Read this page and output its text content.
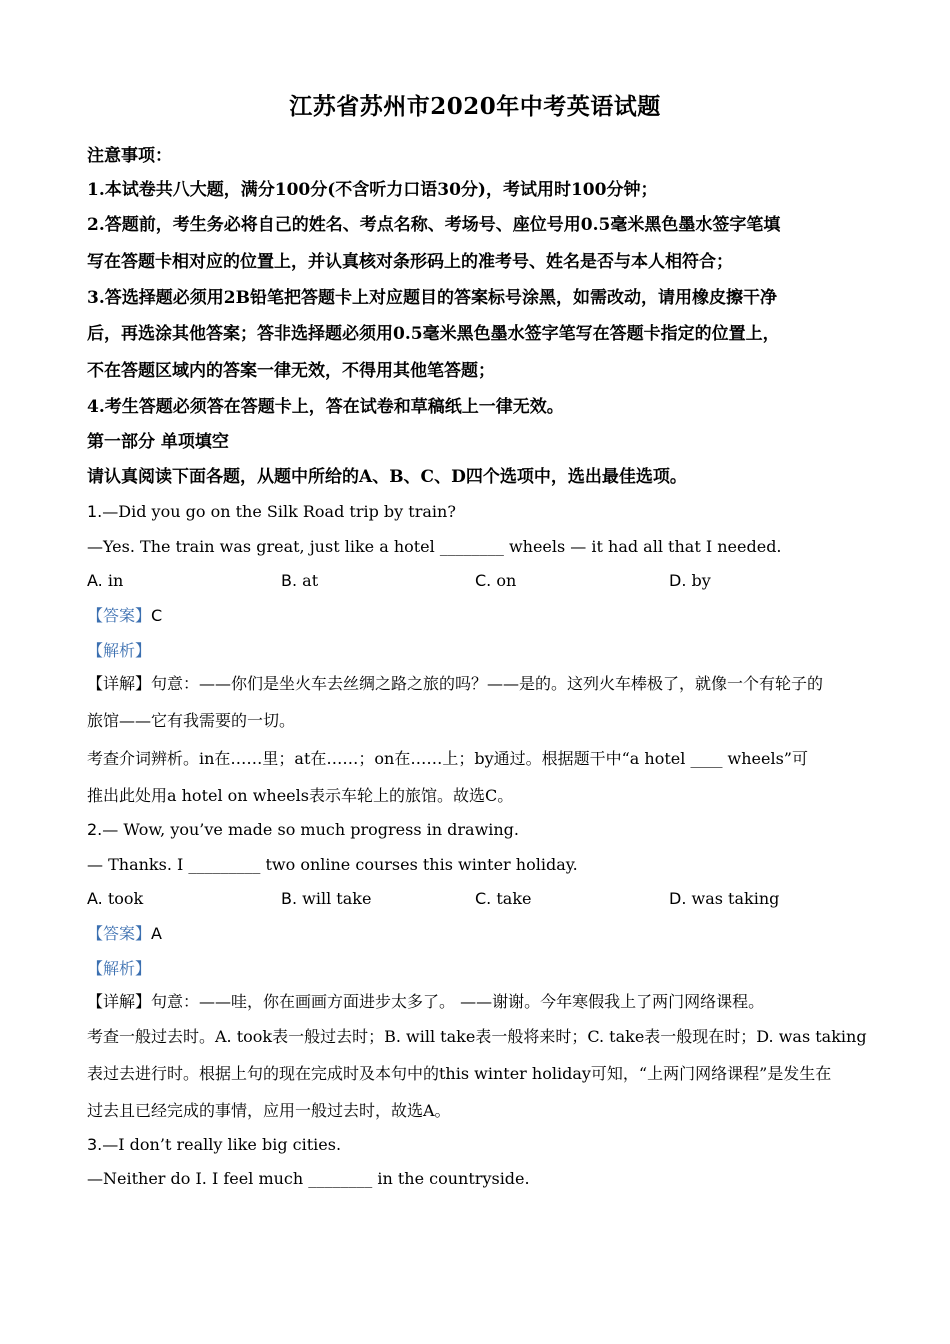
江苏省苏州市2020年中考英语试题
注意事项：
1.本试卷共八大题，满分100分(不含听力口语30分)，考试用时100分钟；
2.答题前，考生务必将自己的姓名、考点名称、考场号、座位号用0.5毫米黑色墨水签字笔填
写在答题卡相对应的位置上，并认真核对条形码上的准考号、姓名是否与本人相符合；
3.答选择题必须用2B铅笔把答题卡上对应题目的答案标号涂黑，如需改动，请用橡皮擦干净
后，再选涂其他答案；答非选择题必须用0.5毫米黑色墨水签字笔写在答题卡指定的位置上，
不在答题区域内的答案一律无效，不得用其他笔答题；
4.考生答题必须答在答题卡上，答在试卷和草稿纸上一律无效。
第一部分 单项填空
请认真阅读下面各题，从题中所给的A、B、C、D四个选项中，选出最佳选项。
1.—Did you go on the Silk Road trip by train?
—Yes. The train was great, just like a hotel ________ wheels — it had all that I needed.
A. in	B. at	C. on	D. by
【答案】C
【解析】
【详解】句意：——你们是坐火车去丝绸之路之旅的吗？——是的。这列火车棒极了，就像一个有轮子的
旅馆——它有我需要的一切。
考查介词辨析。in在……里；at在……；on在……上；by通过。根据题干中“a hotel ____ wheels”可
推出此处用a hotel on wheels表示车轮上的旅馆。故选C。
2.— Wow, you’ve made so much progress in drawing.
— Thanks. I _________ two online courses this winter holiday.
A. took	B. will take	C. take	D. was taking
【答案】A
【解析】
【详解】句意：——哇，你在画画方面进步太多了。 ——谢谢。今年寒假我上了两门网络课程。
考查一般过去时。A. took表一般过去时；B. will take表一般将来时；C. take表一般现在时；D. was taking
表过去进行时。根据上句的现在完成时及本句中的this winter holiday可知，“上两门网络课程”是发生在
过去且已经完成的事情，应用一般过去时，故选A。
3.—I don’t really like big cities.
—Neither do I. I feel much ________ in the countryside.
